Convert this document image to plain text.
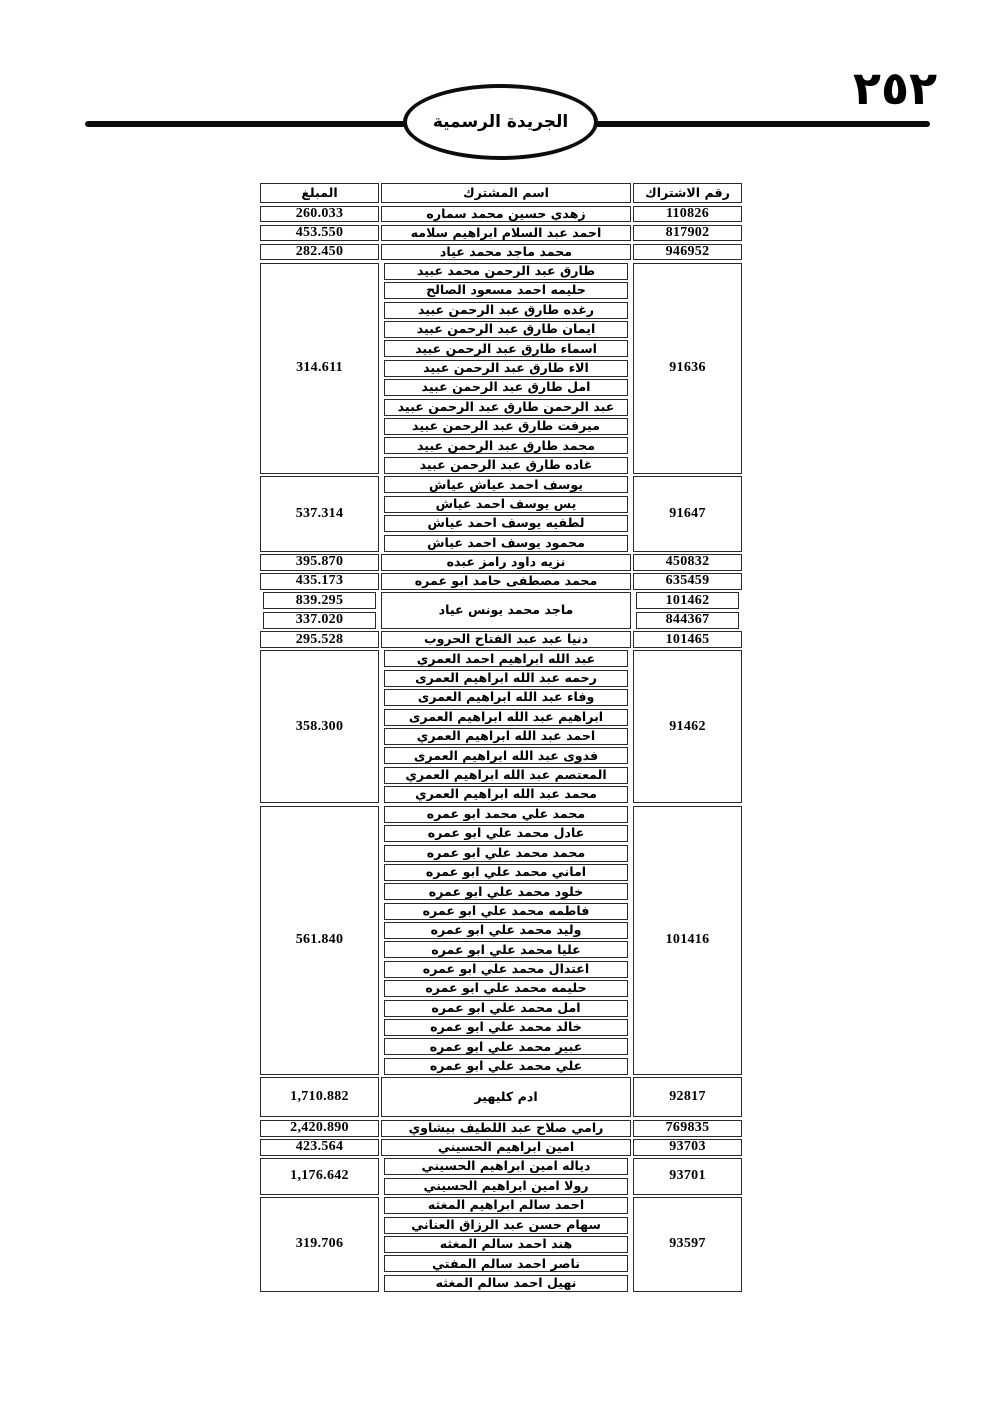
الجريدة الرسمية
٢٥٢
رقم الاشتراك
اسم المشترك
المبلغ
110826
زهدي حسين محمد سماره
260.033
817902
احمد عبد السلام ابراهيم سلامه
453.550
946952
محمد ماجد محمد عياد
282.450
91636
طارق عبد الرحمن محمد عبيد
حليمه احمد مسعود الصالح
رغده طارق عبد الرحمن عبيد
ايمان طارق عبد الرحمن عبيد
اسماء طارق عبد الرحمن عبيد
الاء طارق عبد الرحمن عبيد
امل طارق عبد الرحمن عبيد
عبد الرحمن طارق عبد الرحمن عبيد
ميرفت طارق عبد الرحمن عبيد
محمد طارق عبد الرحمن عبيد
غاده طارق عبد الرحمن عبيد
314.611
91647
يوسف احمد عياش عياش
يس يوسف احمد عياش
لطفيه يوسف احمد عياش
محمود يوسف احمد عياش
537.314
450832
نزيه داود رامز عبده
395.870
635459
محمد مصطفى حامد ابو عمره
435.173
101462
844367
ماجد محمد يونس عياد
839.295
337.020
101465
دنيا عبد عبد الفتاح الحروب
295.528
91462
عبد الله ابراهيم احمد العمري
رحمه عبد الله ابراهيم العمرى
وفاء عبد الله ابراهيم العمرى
ابراهيم عبد الله ابراهيم العمرى
احمد عبد الله ابراهيم العمري
فدوى عبد الله ابراهيم العمرى
المعتصم عبد الله ابراهيم العمري
محمد عبد الله ابراهيم العمري
358.300
101416
محمد علي محمد ابو عمره
عادل محمد علي ابو عمره
محمد محمد علي ابو عمره
اماني محمد علي ابو عمره
خلود محمد علي ابو عمره
فاطمه محمد علي ابو عمره
وليد محمد علي ابو عمره
عليا محمد علي ابو عمره
اعتدال محمد علي ابو عمره
حليمه محمد علي ابو عمره
امل محمد علي ابو عمره
خالد محمد علي ابو عمره
عبير محمد علي ابو عمره
علي محمد علي ابو عمره
561.840
92817
ادم كليهير
1,710.882
769835
رامي صلاح عبد اللطيف بيشاوي
2,420.890
93703
امين ابراهيم الحسيني
423.564
93701
دياله امين ابراهيم الحسيني
رولا امين ابراهيم الحسيني
1,176.642
93597
احمد سالم ابراهيم المغثه
سهام حسن عبد الرزاق العناني
هند احمد سالم المغثه
ناصر احمد سالم المفتي
نهيل احمد سالم المغثه
319.706
